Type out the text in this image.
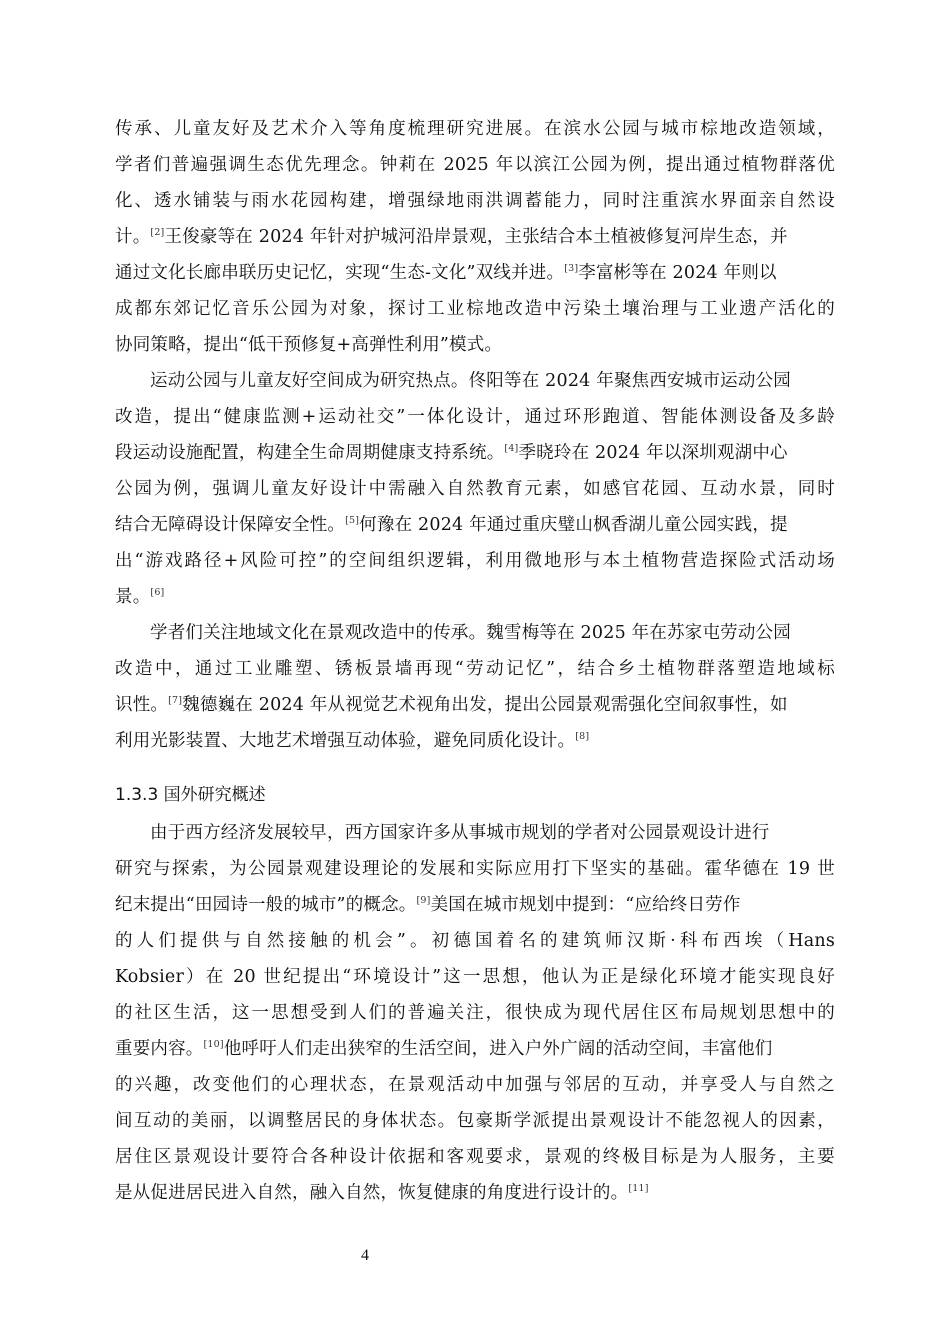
传承、儿童友好及艺术介入等角度梳理研究进展。在滨水公园与城市棕地改造领域，
学者们普遍强调生态优先理念。钟莉在 2025 年以滨江公园为例，提出通过植物群落优
化、透水铺装与雨水花园构建，增强绿地雨洪调蓄能力，同时注重滨水界面亲自然设
计。[2]王俊豪等在 2024 年针对护城河沿岸景观，主张结合本土植被修复河岸生态，并
通过文化长廊串联历史记忆，实现“生态-文化”双线并进。[3]李富彬等在 2024 年则以
成都东郊记忆音乐公园为对象，探讨工业棕地改造中污染土壤治理与工业遗产活化的
协同策略，提出“低干预修复+高弹性利用”模式。
运动公园与儿童友好空间成为研究热点。佟阳等在 2024 年聚焦西安城市运动公园
改造，提出“健康监测+运动社交”一体化设计，通过环形跑道、智能体测设备及多龄
段运动设施配置，构建全生命周期健康支持系统。[4]季晓玲在 2024 年以深圳观湖中心
公园为例，强调儿童友好设计中需融入自然教育元素，如感官花园、互动水景，同时
结合无障碍设计保障安全性。[5]何豫在 2024 年通过重庆璧山枫香湖儿童公园实践，提
出“游戏路径+风险可控”的空间组织逻辑，利用微地形与本土植物营造探险式活动场
景。[6]
学者们关注地域文化在景观改造中的传承。魏雪梅等在 2025 年在苏家屯劳动公园
改造中，通过工业雕塑、锈板景墙再现“劳动记忆”，结合乡土植物群落塑造地域标
识性。[7]魏德巍在 2024 年从视觉艺术视角出发，提出公园景观需强化空间叙事性，如
利用光影装置、大地艺术增强互动体验，避免同质化设计。[8]
1.3.3 国外研究概述
由于西方经济发展较早，西方国家许多从事城市规划的学者对公园景观设计进行
研究与探索，为公园景观建设理论的发展和实际应用打下坚实的基础。霍华德在 19 世
纪末提出“田园诗一般的城市”的概念。[9]美国在城市规划中提到：“应给终日劳作
的人们提供与自然接触的机会”。初德国着名的建筑师汉斯·科布西埃（Hans
Kobsier）在 20 世纪提出“环境设计”这一思想，他认为正是绿化环境才能实现良好
的社区生活，这一思想受到人们的普遍关注，很快成为现代居住区布局规划思想中的
重要内容。[10]他呼吁人们走出狭窄的生活空间，进入户外广阔的活动空间，丰富他们
的兴趣，改变他们的心理状态，在景观活动中加强与邻居的互动，并享受人与自然之
间互动的美丽，以调整居民的身体状态。包豪斯学派提出景观设计不能忽视人的因素，
居住区景观设计要符合各种设计依据和客观要求，景观的终极目标是为人服务，主要
是从促进居民进入自然，融入自然，恢复健康的角度进行设计的。[11]
4
